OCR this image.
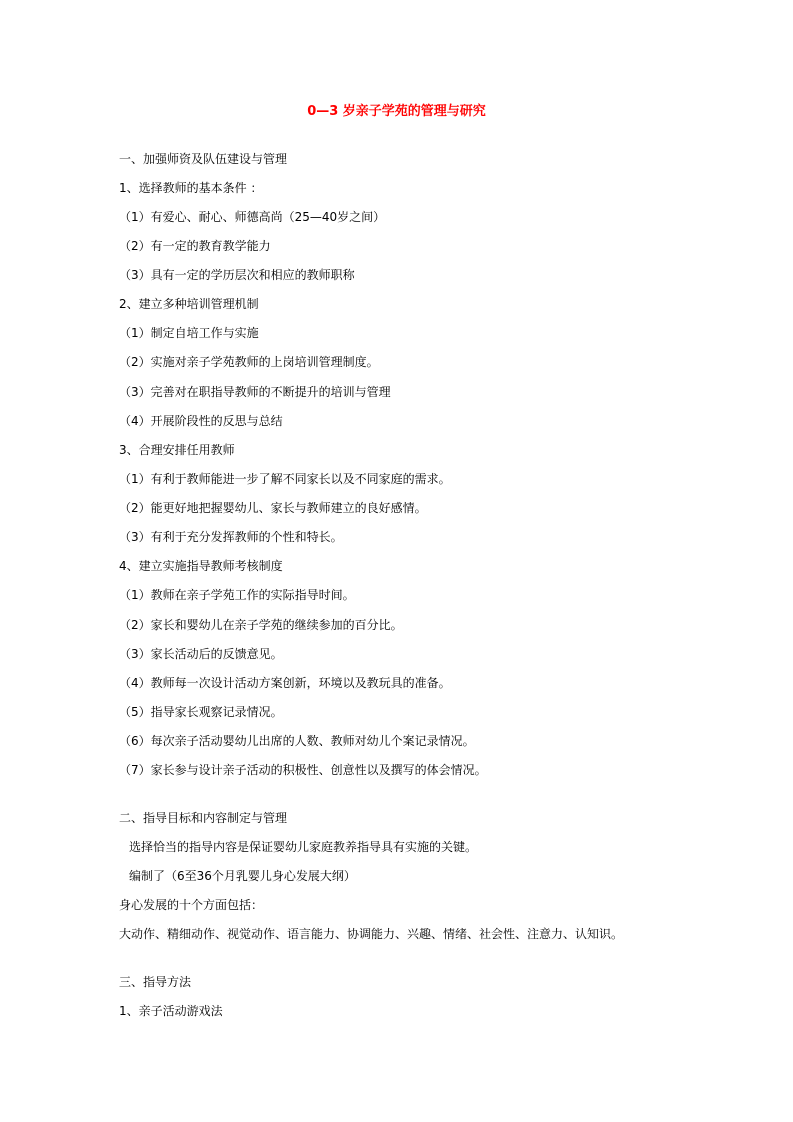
0—3 岁亲子学苑的管理与研究
一、加强师资及队伍建设与管理
1、选择教师的基本条件 ：
（1）有爱心、耐心、师德高尚（25—40岁之间）
（2）有一定的教育教学能力
（3）具有一定的学历层次和相应的教师职称
2、建立多种培训管理机制
（1）制定自培工作与实施
（2）实施对亲子学苑教师的上岗培训管理制度。
（3）完善对在职指导教师的不断提升的培训与管理
（4）开展阶段性的反思与总结
3、合理安排任用教师
（1）有利于教师能进一步了解不同家长以及不同家庭的需求。
（2）能更好地把握婴幼儿、家长与教师建立的良好感情。
（3）有利于充分发挥教师的个性和特长。
4、建立实施指导教师考核制度
（1）教师在亲子学苑工作的实际指导时间。
（2）家长和婴幼儿在亲子学苑的继续参加的百分比。
（3）家长活动后的反馈意见。
（4）教师每一次设计活动方案创新，环境以及教玩具的准备。
（5）指导家长观察记录情况。
（6）每次亲子活动婴幼儿出席的人数、教师对幼儿个案记录情况。
（7）家长参与设计亲子活动的积极性、创意性以及撰写的体会情况。
二、指导目标和内容制定与管理
选择恰当的指导内容是保证婴幼儿家庭教养指导具有实施的关键。
编制了（6至36个月乳婴儿身心发展大纲）
身心发展的十个方面包括：
大动作、精细动作、视觉动作、语言能力、协调能力、兴趣、情绪、社会性、注意力、认知识。
三、指导方法
1、亲子活动游戏法
